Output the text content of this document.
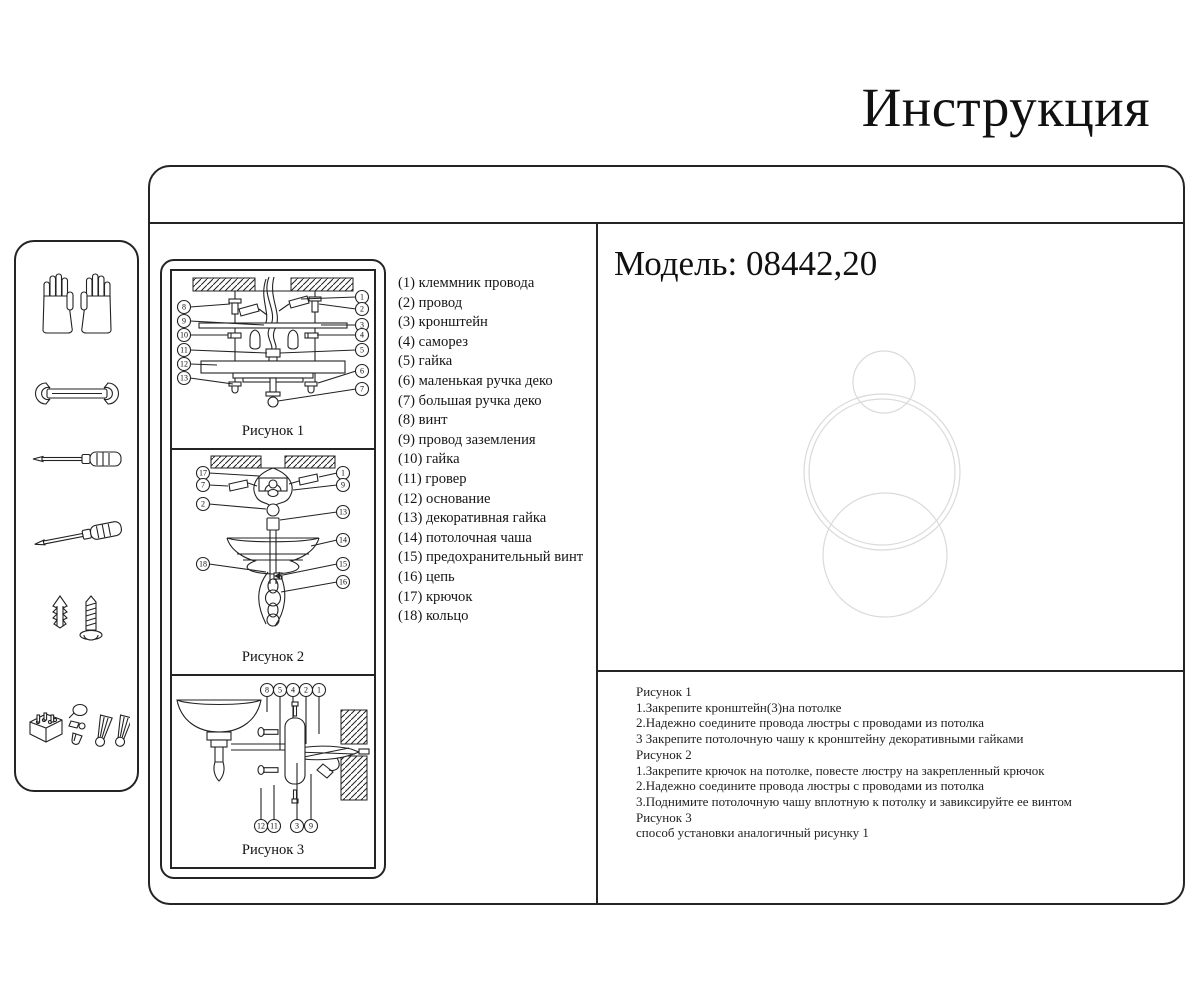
Инструкция
8
9
10
11
12
13
1
2
3
4
5
6
7
Рисунок 1
17
7
2
18
1
9
13
14
15
16
Рисунок 2
8 5 4 2 1
12 11 3 9
Рисунок 3
(1) клеммник провода
(2) провод
(3) кронштейн
(4) саморез
(5) гайка
(6) маленькая ручка деко
(7) большая ручка деко
(8) винт
(9) провод заземления
(10) гайка
(11) гровер
(12) основание
(13) декоративная гайка
(14) потолочная чаша
(15) предохранительный винт
(16) цепь
(17) крючок
(18) кольцо
Модель: 08442,20
Рисунок 1
1.Закрепите кронштейн(3)на потолке
2.Надежно соедините провода люстры с проводами из потолка
3 Закрепите потолочную чашу к кронштейну декоративными гайками
Рисунок 2
1.Закрепите крючок на потолке, повесте люстру на закрепленный крючок
2.Надежно соедините провода люстры с проводами из потолка
3.Поднимите потолочную чашу вплотную к потолку и завиксируйте ее винтом
Рисунок 3
способ установки аналогичный рисунку 1
